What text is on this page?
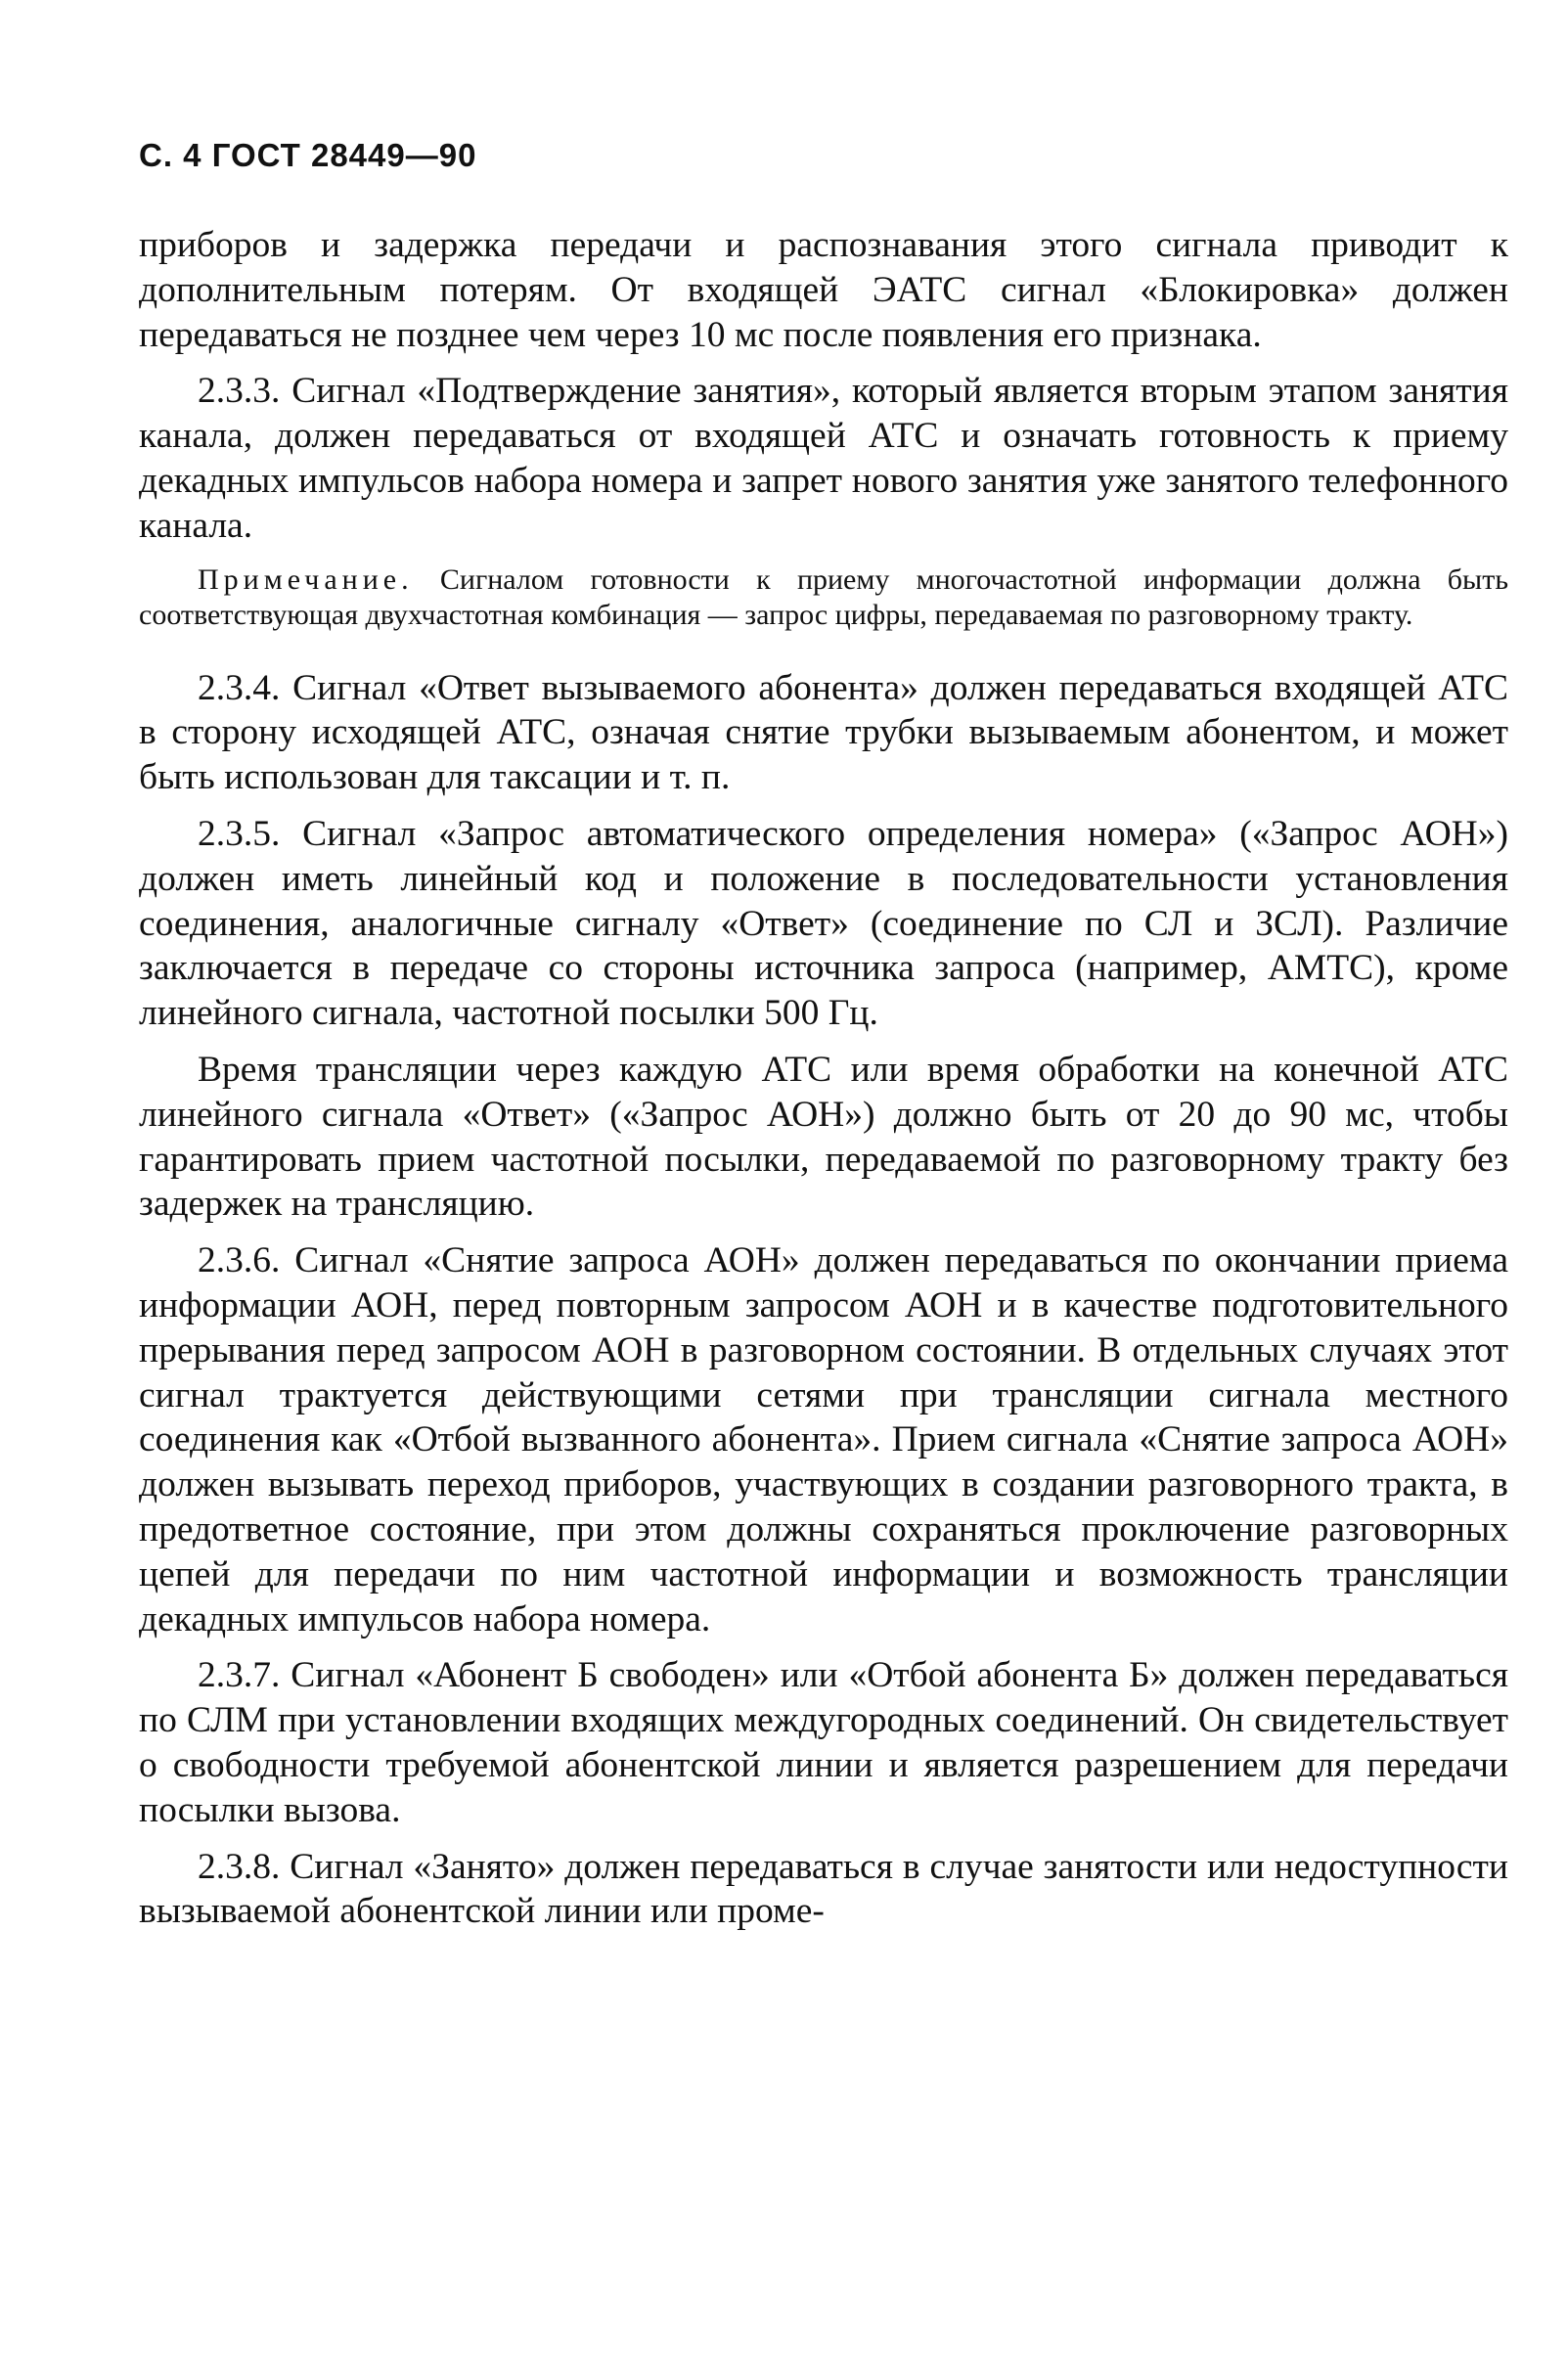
С. 4 ГОСТ 28449—90

приборов и задержка передачи и распознавания этого сигнала приводит к дополнительным потерям. От входящей ЭАТС сигнал «Блокировка» должен передаваться не позднее чем через 10 мс после появления его признака.

2.3.3. Сигнал «Подтверждение занятия», который является вторым этапом занятия канала, должен передаваться от входящей АТС и означать готовность к приему декадных импульсов набора номера и запрет нового занятия уже занятого телефонного канала.

Примечание. Сигналом готовности к приему многочастотной информации должна быть соответствующая двухчастотная комбинация — запрос цифры, передаваемая по разговорному тракту.

2.3.4. Сигнал «Ответ вызываемого абонента» должен передаваться входящей АТС в сторону исходящей АТС, означая снятие трубки вызываемым абонентом, и может быть использован для таксации и т. п.

2.3.5. Сигнал «Запрос автоматического определения номера» («Запрос АОН») должен иметь линейный код и положение в последовательности установления соединения, аналогичные сигналу «Ответ» (соединение по СЛ и ЗСЛ). Различие заключается в передаче со стороны источника запроса (например, АМТС), кроме линейного сигнала, частотной посылки 500 Гц.

Время трансляции через каждую АТС или время обработки на конечной АТС линейного сигнала «Ответ» («Запрос АОН») должно быть от 20 до 90 мс, чтобы гарантировать прием частотной посылки, передаваемой по разговорному тракту без задержек на трансляцию.

2.3.6. Сигнал «Снятие запроса АОН» должен передаваться по окончании приема информации АОН, перед повторным запросом АОН и в качестве подготовительного прерывания перед запросом АОН в разговорном состоянии. В отдельных случаях этот сигнал трактуется действующими сетями при трансляции сигнала местного соединения как «Отбой вызванного абонента». Прием сигнала «Снятие запроса АОН» должен вызывать переход приборов, участвующих в создании разговорного тракта, в предответное состояние, при этом должны сохраняться проключение разговорных цепей для передачи по ним частотной информации и возможность трансляции декадных импульсов набора номера.

2.3.7. Сигнал «Абонент Б свободен» или «Отбой абонента Б» должен передаваться по СЛМ при установлении входящих междугородных соединений. Он свидетельствует о свободности требуемой абонентской линии и является разрешением для передачи посылки вызова.

2.3.8. Сигнал «Занято» должен передаваться в случае занятости или недоступности вызываемой абонентской линии или проме-
